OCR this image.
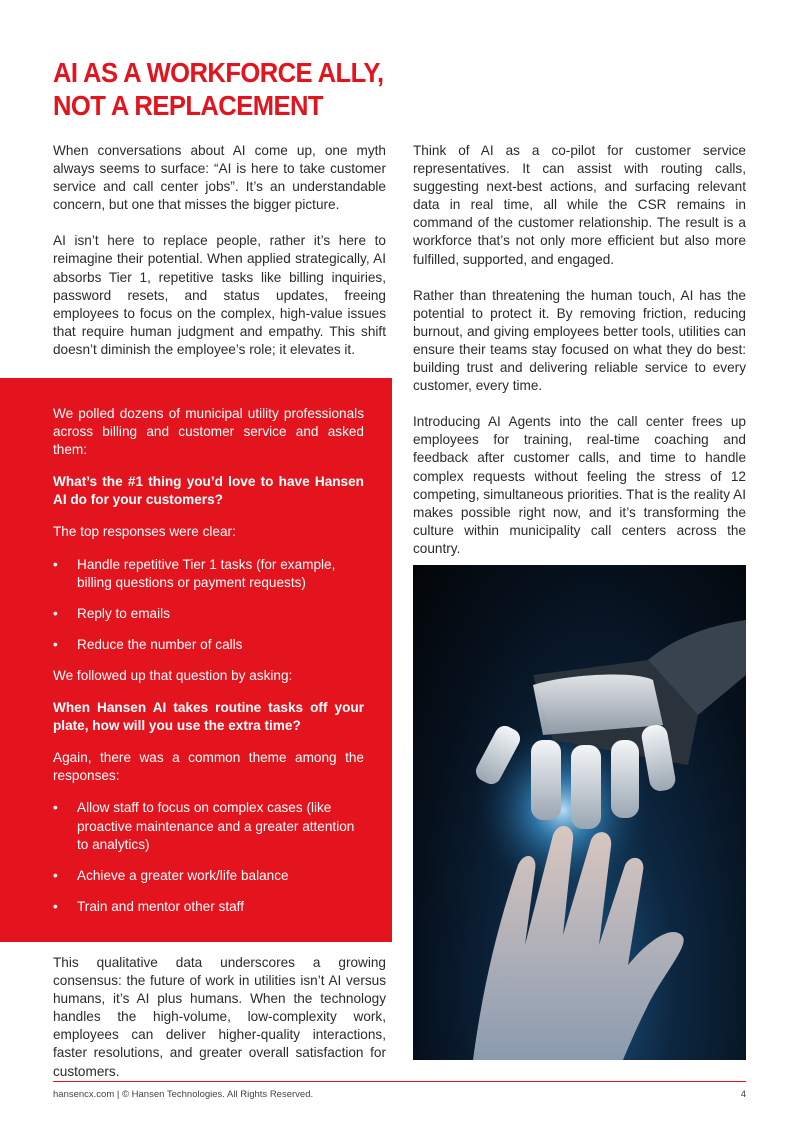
AI AS A WORKFORCE ALLY,
NOT A REPLACEMENT

When conversations about AI come up, one myth always seems to surface: “AI is here to take customer service and call center jobs”. It’s an understandable concern, but one that misses the bigger picture.

AI isn’t here to replace people, rather it’s here to reimagine their potential. When applied strategically, AI absorbs Tier 1, repetitive tasks like billing inquiries, password resets, and status updates, freeing employees to focus on the complex, high-value issues that require human judgment and empathy. This shift doesn’t diminish the employee’s role; it elevates it.

We polled dozens of municipal utility professionals across billing and customer service and asked them:

What’s the #1 thing you’d love to have Hansen AI do for your customers?

The top responses were clear:

• Handle repetitive Tier 1 tasks (for example, billing questions or payment requests)
• Reply to emails
• Reduce the number of calls

We followed up that question by asking:

When Hansen AI takes routine tasks off your plate, how will you use the extra time?

Again, there was a common theme among the responses:

• Allow staff to focus on complex cases (like proactive maintenance and a greater attention to analytics)
• Achieve a greater work/life balance
• Train and mentor other staff

This qualitative data underscores a growing consensus: the future of work in utilities isn’t AI versus humans, it’s AI plus humans. When the technology handles the high-volume, low-complexity work, employees can deliver higher-quality interactions, faster resolutions, and greater overall satisfaction for customers.

Think of AI as a co-pilot for customer service representatives. It can assist with routing calls, suggesting next-best actions, and surfacing relevant data in real time, all while the CSR remains in command of the customer relationship. The result is a workforce that’s not only more efficient but also more fulfilled, supported, and engaged.

Rather than threatening the human touch, AI has the potential to protect it. By removing friction, reducing burnout, and giving employees better tools, utilities can ensure their teams stay focused on what they do best: building trust and delivering reliable service to every customer, every time.

Introducing AI Agents into the call center frees up employees for training, real-time coaching and feedback after customer calls, and time to handle complex requests without feeling the stress of 12 competing, simultaneous priorities. That is the reality AI makes possible right now, and it’s transforming the culture within municipality call centers across the country.

hansencx.com | © Hansen Technologies. All Rights Reserved.	4
